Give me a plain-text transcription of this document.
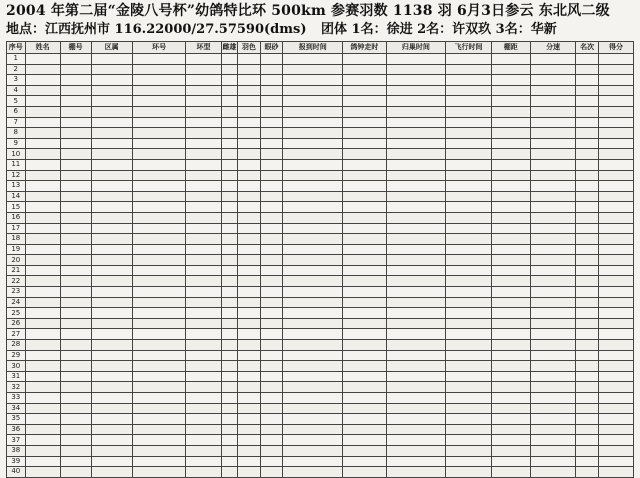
2004 年第二届“金陵八号杯”幼鸽特比环 500km 参赛羽数 1138 羽 6月3日参云 东北风二级
地点：江西抚州市 116.22000/27.57590(dms) 团体 1名：徐进 2名：许双玖 3名：华新
序号	姓名	棚号	区属	环号	环型	雌雄	羽色	眼砂	报到时间	鸽钟走时	归巢时间	飞行时间	棚距	分速	名次	得分
1																
2																
3																
4																
5																
6																
7																
8																
9																
10																
11																
12																
13																
14																
15																
16																
17																
18																
19																
20																
21																
22																
23																
24																
25																
26																
27																
28																
29																
30																
31																
32																
33																
34																
35																
36																
37																
38																
39																
40																
